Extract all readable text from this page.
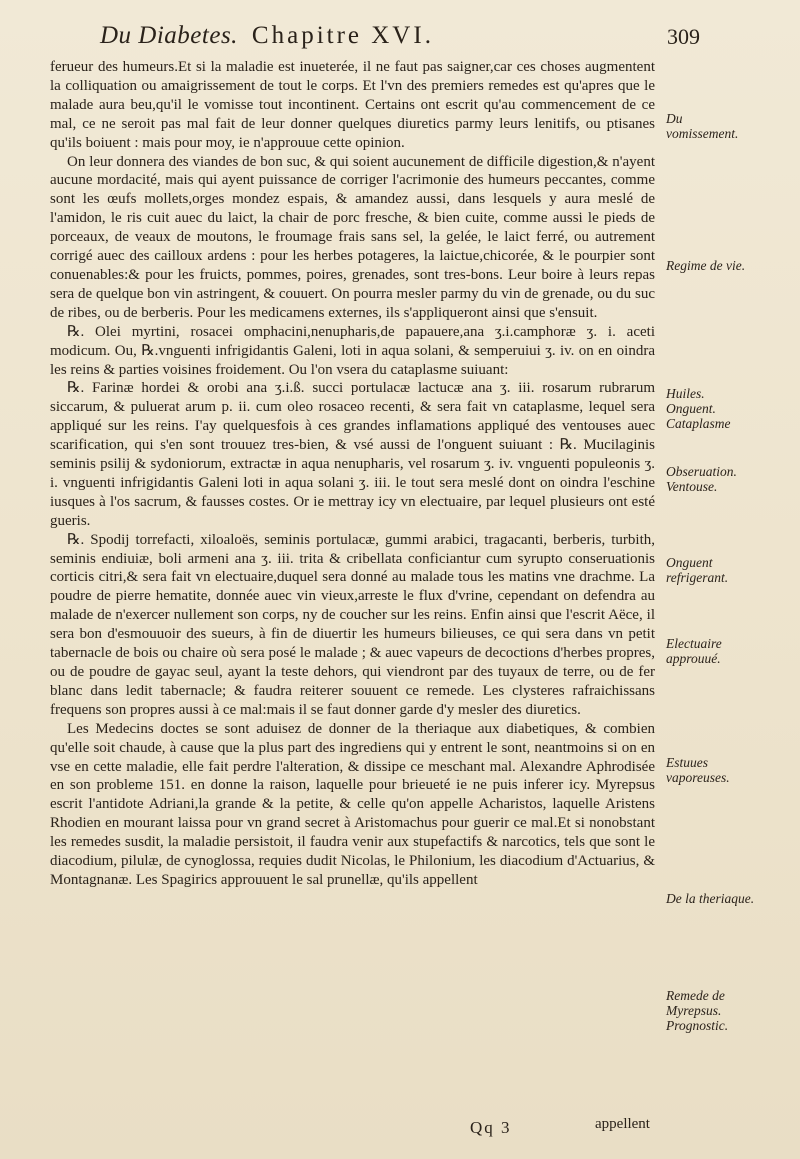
Du Diabetes. Chapitre XVI.	309

ferueur des humeurs.Et si la maladie est inueterée, il ne faut pas saigner,car ces choses augmentent la colliquation ou amaigrissement de tout le corps. Et l'vn des premiers remedes est qu'apres que le malade aura beu,qu'il le vomisse tout incontinent. Certains ont escrit qu'au commencement de ce mal, ce ne seroit pas mal fait de leur donner quelques diuretics parmy leurs lenitifs, ou ptisanes qu'ils boiuent : mais pour moy, ie n'approuue cette opinion.

On leur donnera des viandes de bon suc, & qui soient aucunement de difficile digestion,& n'ayent aucune mordacité, mais qui ayent puissance de corriger l'acrimonie des humeurs peccantes, comme sont les œufs mollets,orges mondez espais, & amandez aussi, dans lesquels y aura meslé de l'amidon, le ris cuit auec du laict, la chair de porc fresche, & bien cuite, comme aussi le pieds de porceaux, de veaux de moutons, le froumage frais sans sel, la gelée, le laict ferré, ou autrement corrigé auec des cailloux ardens : pour les herbes potageres, la laictue,chicorée, & le pourpier sont conuenables:& pour les fruicts, pommes, poires, grenades, sont tres-bons. Leur boire à leurs repas sera de quelque bon vin astringent, & couuert. On pourra mesler parmy du vin de grenade, ou du suc de ribes, ou de berberis. Pour les medicamens externes, ils s'appliqueront ainsi que s'ensuit.

℞. Olei myrtini, rosacei omphacini,nenupharis,de papauere,ana ʒ.i.camphoræ ʒ. i. aceti modicum. Ou, ℞.vnguenti infrigidantis Galeni, loti in aqua solani, & semperuiui ʒ. iv. on en oindra les reins & parties voisines froidement. Ou l'on vsera du cataplasme suiuant:

℞. Farinæ hordei & orobi ana ʒ.i.ß. succi portulacæ lactucæ ana ʒ. iii. rosarum rubrarum siccarum, & puluerat arum p. ii. cum oleo rosaceo recenti, & sera fait vn cataplasme, lequel sera appliqué sur les reins. I'ay quelquesfois à ces grandes inflamations appliqué des ventouses auec scarification, qui s'en sont trouuez tres-bien, & vsé aussi de l'onguent suiuant : ℞. Mucilaginis seminis psilij & sydoniorum, extractæ in aqua nenupharis, vel rosarum ʒ. iv. vnguenti populeonis ʒ. i. vnguenti infrigidantis Galeni loti in aqua solani ʒ. iii. le tout sera meslé dont on oindra l'eschine iusques à l'os sacrum, & fausses costes. Or ie mettray icy vn electuaire, par lequel plusieurs ont esté gueris.

℞. Spodij torrefacti, xiloaloës, seminis portulacæ, gummi arabici, tragacanti, berberis, turbith, seminis endiuiæ, boli armeni ana ʒ. iii. trita & cribellata conficiantur cum syrupto conseruationis corticis citri,& sera fait vn electuaire,duquel sera donné au malade tous les matins vne drachme. La poudre de pierre hematite, donnée auec vin vieux,arreste le flux d'vrine, cependant on defendra au malade de n'exercer nullement son corps, ny de coucher sur les reins. Enfin ainsi que l'escrit Aëce, il sera bon d'esmouuoir des sueurs, à fin de diuertir les humeurs bilieuses, ce qui sera dans vn petit tabernacle de bois ou chaire où sera posé le malade ; & auec vapeurs de decoctions d'herbes propres, ou de poudre de gayac seul, ayant la teste dehors, qui viendront par des tuyaux de terre, ou de fer blanc dans ledit tabernacle; & faudra reiterer souuent ce remede. Les clysteres rafraichissans frequens son propres aussi à ce mal:mais il se faut donner garde d'y mesler des diuretics.

Les Medecins doctes se sont aduisez de donner de la theriaque aux diabetiques, & combien qu'elle soit chaude, à cause que la plus part des ingrediens qui y entrent le sont, neantmoins si on en vse en cette maladie, elle fait perdre l'alteration, & dissipe ce meschant mal. Alexandre Aphrodisée en son probleme 151. en donne la raison, laquelle pour brieueté ie ne puis inferer icy. Myrepsus escrit l'antidote Adriani,la grande & la petite, & celle qu'on appelle Acharistos, laquelle Aristens Rhodien en mourant laissa pour vn grand secret à Aristomachus pour guerir ce mal.Et si nonobstant les remedes susdit, la maladie persistoit, il faudra venir aux stupefactifs & narcotics, tels que sont le diacodium, pilulæ, de cynoglossa, requies dudit Nicolas, le Philonium, les diacodium d'Actuarius, & Montagnanæ. Les Spagirics approuuent le sal prunellæ, qu'ils appellent

Du vomissement.
Regime de vie.
Huiles. Onguent. Cataplasme
Obseruation. Ventouse.
Onguent refrigerant.
Electuaire approuué.
Estuues vaporeuses.
De la theriaque.
Remede de Myrepsus. Prognostic.
Qq 3	appellent
